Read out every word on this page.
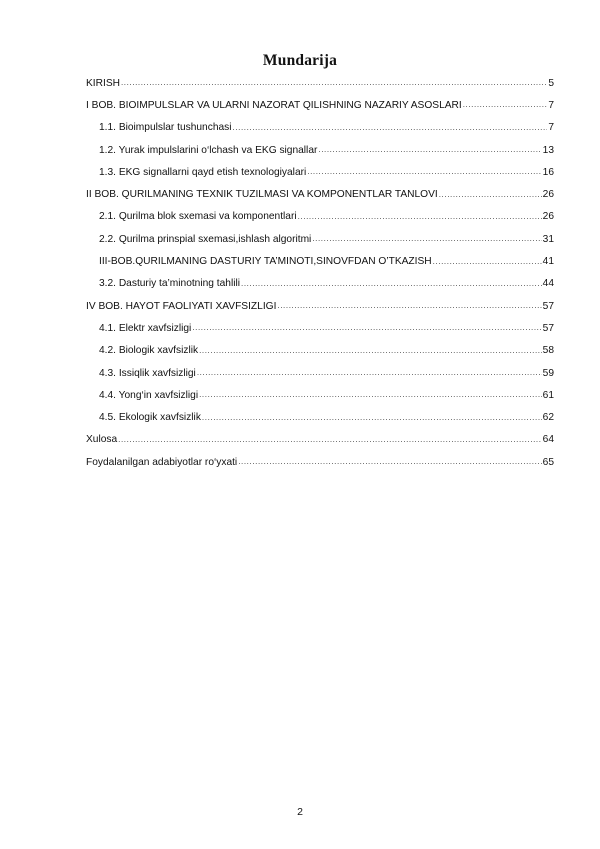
Mundarija
KIRISH .....	5
I BOB. BIOIMPULSLAR VA ULARNI NAZORAT QILISHNING NAZARIY ASOSLARI .....	7
1.1. Bioimpulslar tushunchasi .....	7
1.2. Yurak impulslarini o‘lchash va EKG signallar .....	13
1.3. EKG signallarni qayd etish texnologiyalari .....	16
II BOB. QURILMANING TEXNIK TUZILMASI VA KOMPONENTLAR TANLOVI .....	26
2.1. Qurilma blok sxemasi va komponentlari .....	26
2.2. Qurilma prinspial sxemasi,ishlash algoritmi .....	31
III-BOB.QURILMANING DASTURIY TA’MINOTI,SINOVFDAN O’TKAZISH .....	41
3.2. Dasturiy ta’minotning tahlili .....	44
IV BOB. HAYOT FAOLIYATI XAVFSIZLIGI .....	57
4.1. Elektr xavfsizligi .....	57
4.2. Biologik xavfsizlik .....	58
4.3. Issiqlik xavfsizligi .....	59
4.4. Yong‘in xavfsizligi .....	61
4.5. Ekologik xavfsizlik .....	62
Xulosa .....	64
Foydalanilgan adabiyotlar ro‘yxati .....	65
2
